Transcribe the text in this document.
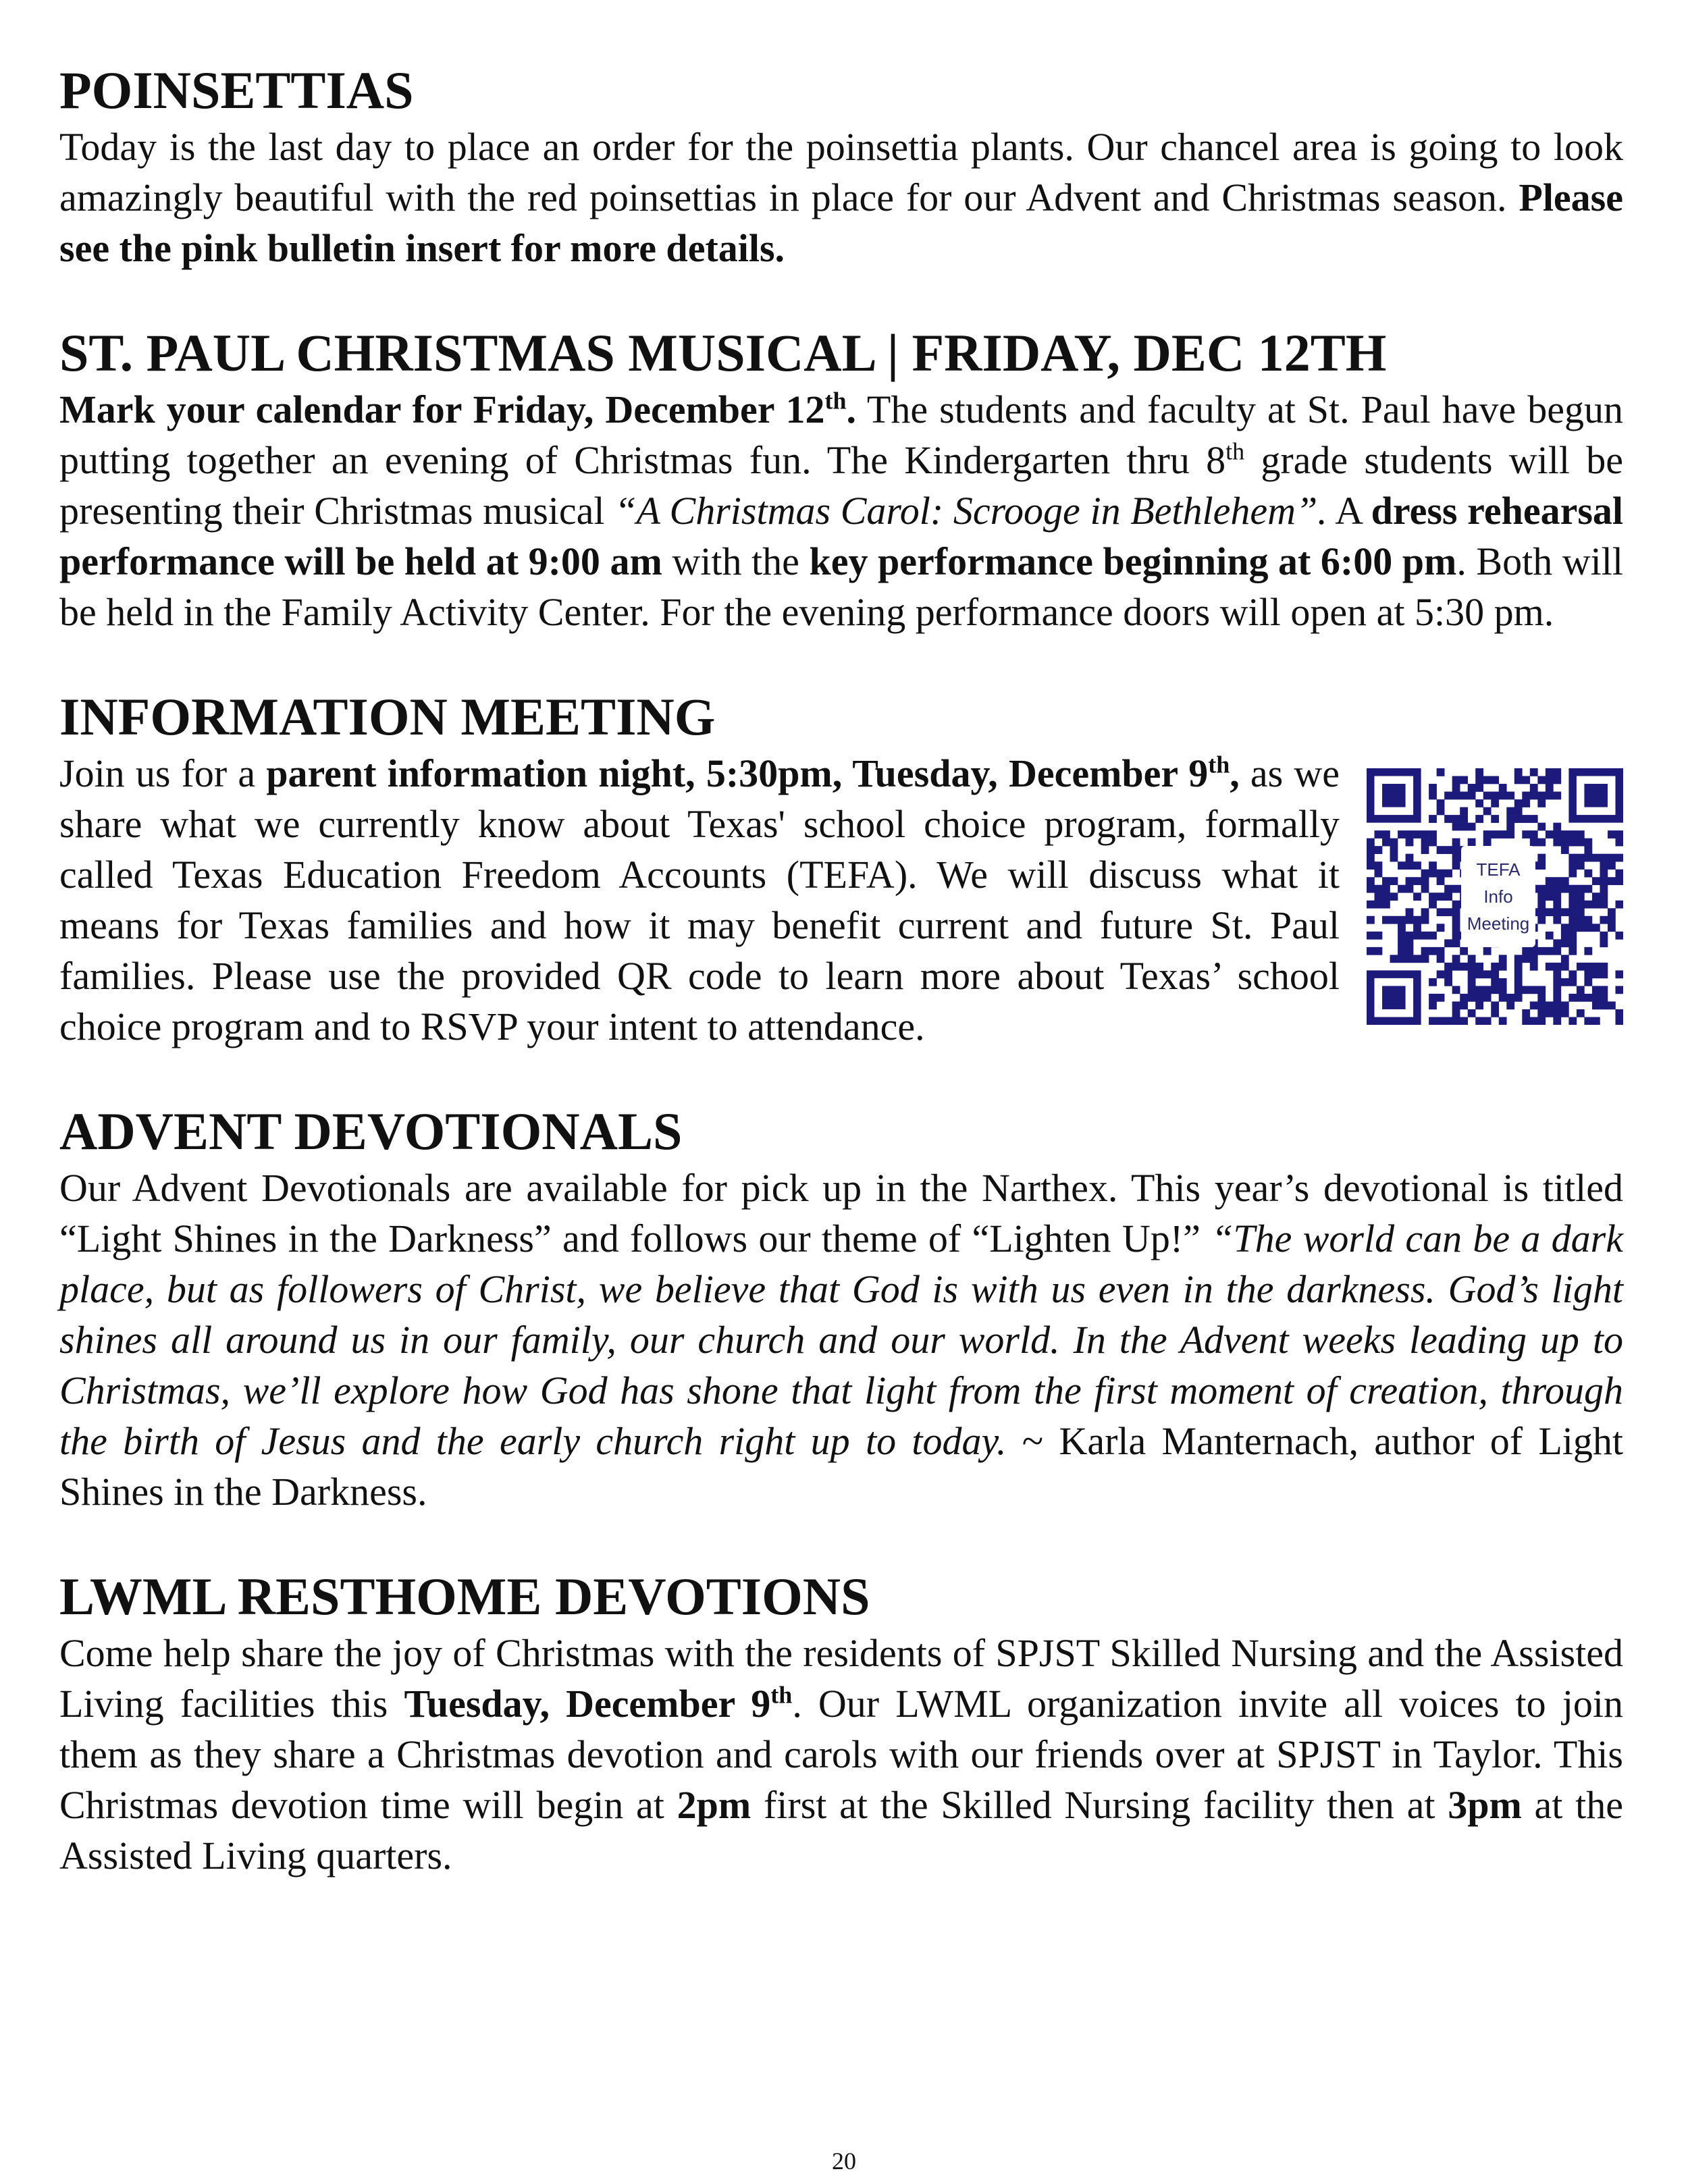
POINSETTIAS

Today is the last day to place an order for the poinsettia plants. Our chancel area is going to look amazingly beautiful with the red poinsettias in place for our Advent and Christmas season. Please see the pink bulletin insert for more details.

ST. PAUL CHRISTMAS MUSICAL | FRIDAY, DEC 12TH

Mark your calendar for Friday, December 12th. The students and faculty at St. Paul have begun putting together an evening of Christmas fun. The Kindergarten thru 8th grade students will be presenting their Christmas musical “A Christmas Carol: Scrooge in Bethlehem”. A dress rehearsal performance will be held at 9:00 am with the key performance beginning at 6:00 pm. Both will be held in the Family Activity Center. For the evening performance doors will open at 5:30 pm.

INFORMATION MEETING

Join us for a parent information night, 5:30pm, Tuesday, December 9th,
TEFA
Info
Meeting
as we share what we currently know about Texas' school choice program, formally called Texas Education Freedom Accounts (TEFA). We will discuss what it means for Texas families and how it may benefit current and future St. Paul families. Please use the provided QR code to learn more about Texas’ school choice program and to RSVP your intent to attendance.

ADVENT DEVOTIONALS

Our Advent Devotionals are available for pick up in the Narthex. This year’s devotional is titled “Light Shines in the Darkness” and follows our theme of “Lighten Up!” “The world can be a dark place, but as followers of Christ, we believe that God is with us even in the darkness. God’s light shines all around us in our family, our church and our world. In the Advent weeks leading up to Christmas, we’ll explore how God has shone that light from the first moment of creation, through the birth of Jesus and the early church right up to today. ~ Karla Manternach, author of Light Shines in the Darkness.

LWML RESTHOME DEVOTIONS

Come help share the joy of Christmas with the residents of SPJST Skilled Nursing and the Assisted Living facilities this Tuesday, December 9th. Our LWML organization invite all voices to join them as they share a Christmas devotion and carols with our friends over at SPJST in Taylor. This Christmas devotion time will begin at 2pm first at the Skilled Nursing facility then at 3pm at the Assisted Living quarters.

20
